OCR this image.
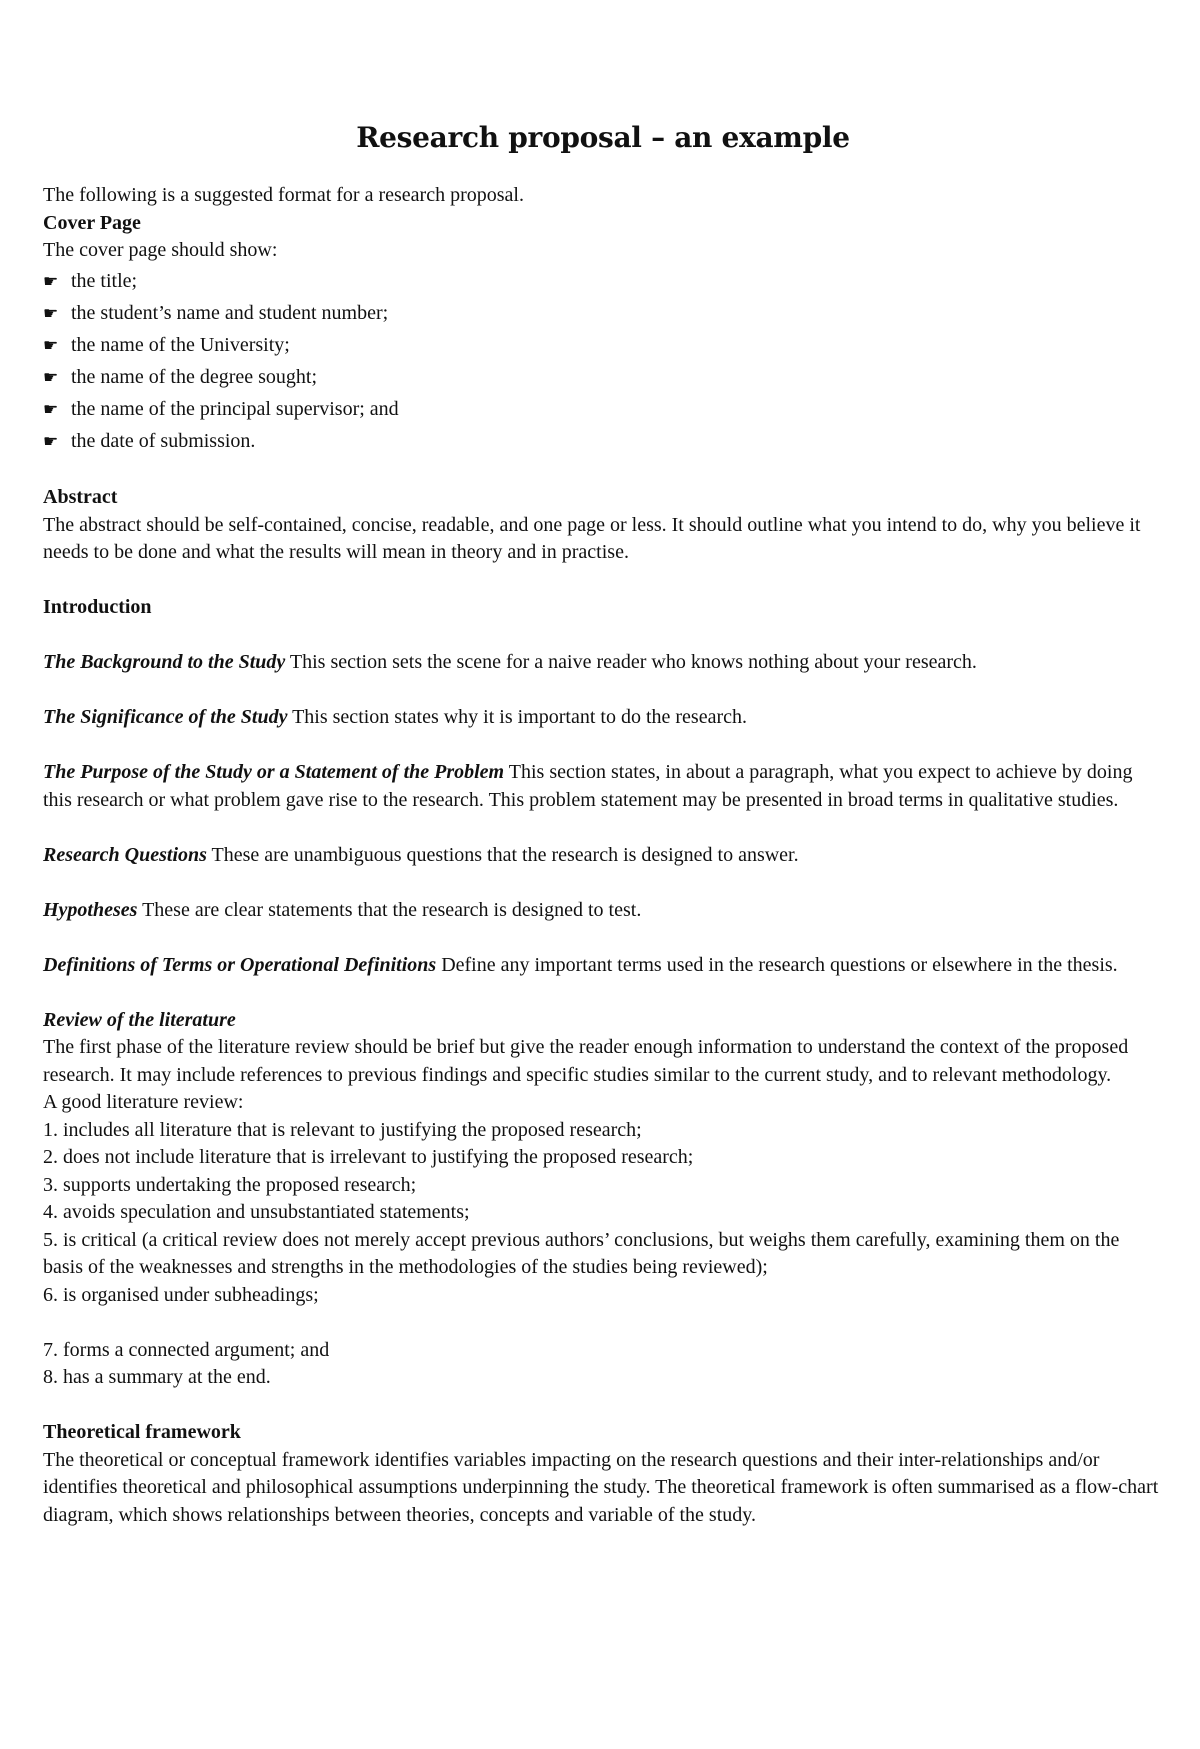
Research proposal – an example

The following is a suggested format for a research proposal.

Cover Page

The cover page should show:

☛ the title;
☛ the student’s name and student number;
☛ the name of the University;
☛ the name of the degree sought;
☛ the name of the principal supervisor; and
☛ the date of submission.

Abstract

The abstract should be self-contained, concise, readable, and one page or less. It should outline what you intend to do, why you believe it needs to be done and what the results will mean in theory and in practise.

Introduction

The Background to the Study This section sets the scene for a naive reader who knows nothing about your research.

The Significance of the Study This section states why it is important to do the research.

The Purpose of the Study or a Statement of the Problem This section states, in about a paragraph, what you expect to achieve by doing this research or what problem gave rise to the research. This problem statement may be presented in broad terms in qualitative studies.

Research Questions These are unambiguous questions that the research is designed to answer.

Hypotheses These are clear statements that the research is designed to test.

Definitions of Terms or Operational Definitions Define any important terms used in the research questions or elsewhere in the thesis.

Review of the literature

The first phase of the literature review should be brief but give the reader enough information to understand the context of the proposed research. It may include references to previous findings and specific studies similar to the current study, and to relevant methodology.

A good literature review:

1. includes all literature that is relevant to justifying the proposed research;

2. does not include literature that is irrelevant to justifying the proposed research;

3. supports undertaking the proposed research;

4. avoids speculation and unsubstantiated statements;

5. is critical (a critical review does not merely accept previous authors’ conclusions, but weighs them carefully, examining them on the basis of the weaknesses and strengths in the methodologies of the studies being reviewed);

6. is organised under subheadings;

7. forms a connected argument; and

8. has a summary at the end.

Theoretical framework

The theoretical or conceptual framework identifies variables impacting on the research questions and their inter-relationships and/or identifies theoretical and philosophical assumptions underpinning the study. The theoretical framework is often summarised as a flow-chart diagram, which shows relationships between theories, concepts and variable of the study.
